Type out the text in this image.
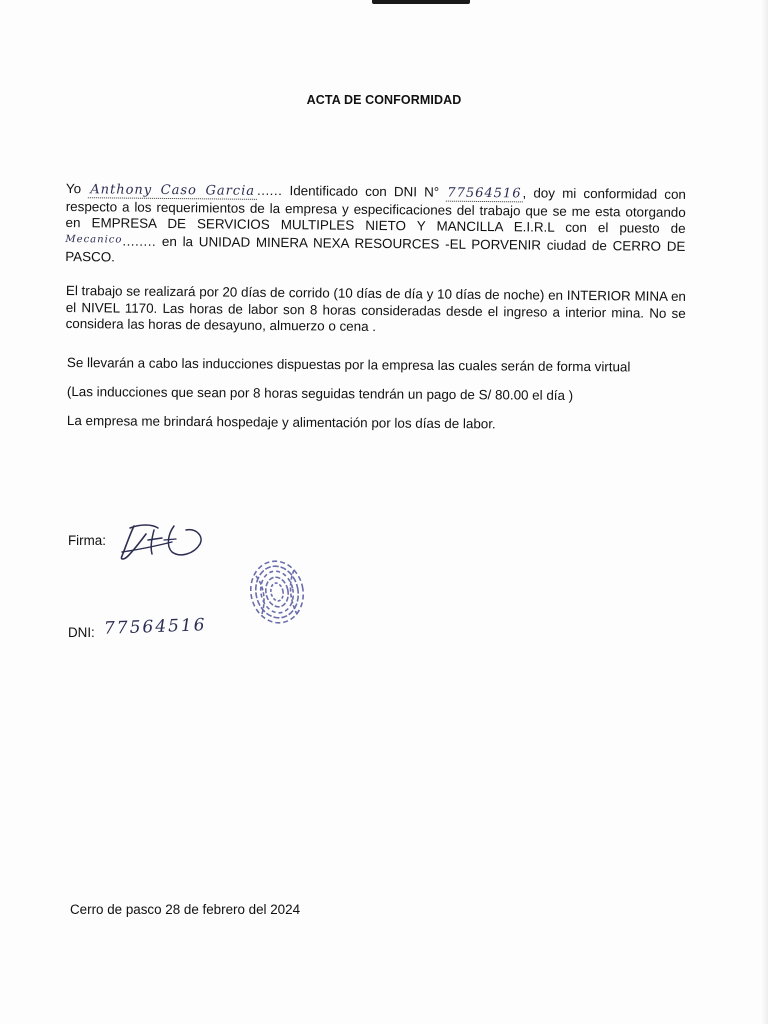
ACTA DE CONFORMIDAD

Yo Anthony Caso Garcia ...... Identificado con DNI N° 77564516, doy mi conformidad con respecto a los requerimientos de la empresa y especificaciones del trabajo que se me esta otorgando en EMPRESA DE SERVICIOS MULTIPLES NIETO Y MANCILLA E.I.R.L con el puesto de $^{Mecanico}$........ en la UNIDAD MINERA NEXA RESOURCES -EL PORVENIR ciudad de CERRO DE PASCO.

El trabajo se realizará por 20 días de corrido (10 días de día y 10 días de noche) en INTERIOR MINA en el NIVEL 1170. Las horas de labor son 8 horas consideradas desde el ingreso a interior mina. No se considera las horas de desayuno, almuerzo o cena .

Se llevarán a cabo las inducciones dispuestas por la empresa las cuales serán de forma virtual
(Las inducciones que sean por 8 horas seguidas tendrán un pago de S/ 80.00 el día )
La empresa me brindará hospedaje y alimentación por los días de labor.
Firma:
DNI: 77564516
Cerro de pasco 28 de febrero del 2024
